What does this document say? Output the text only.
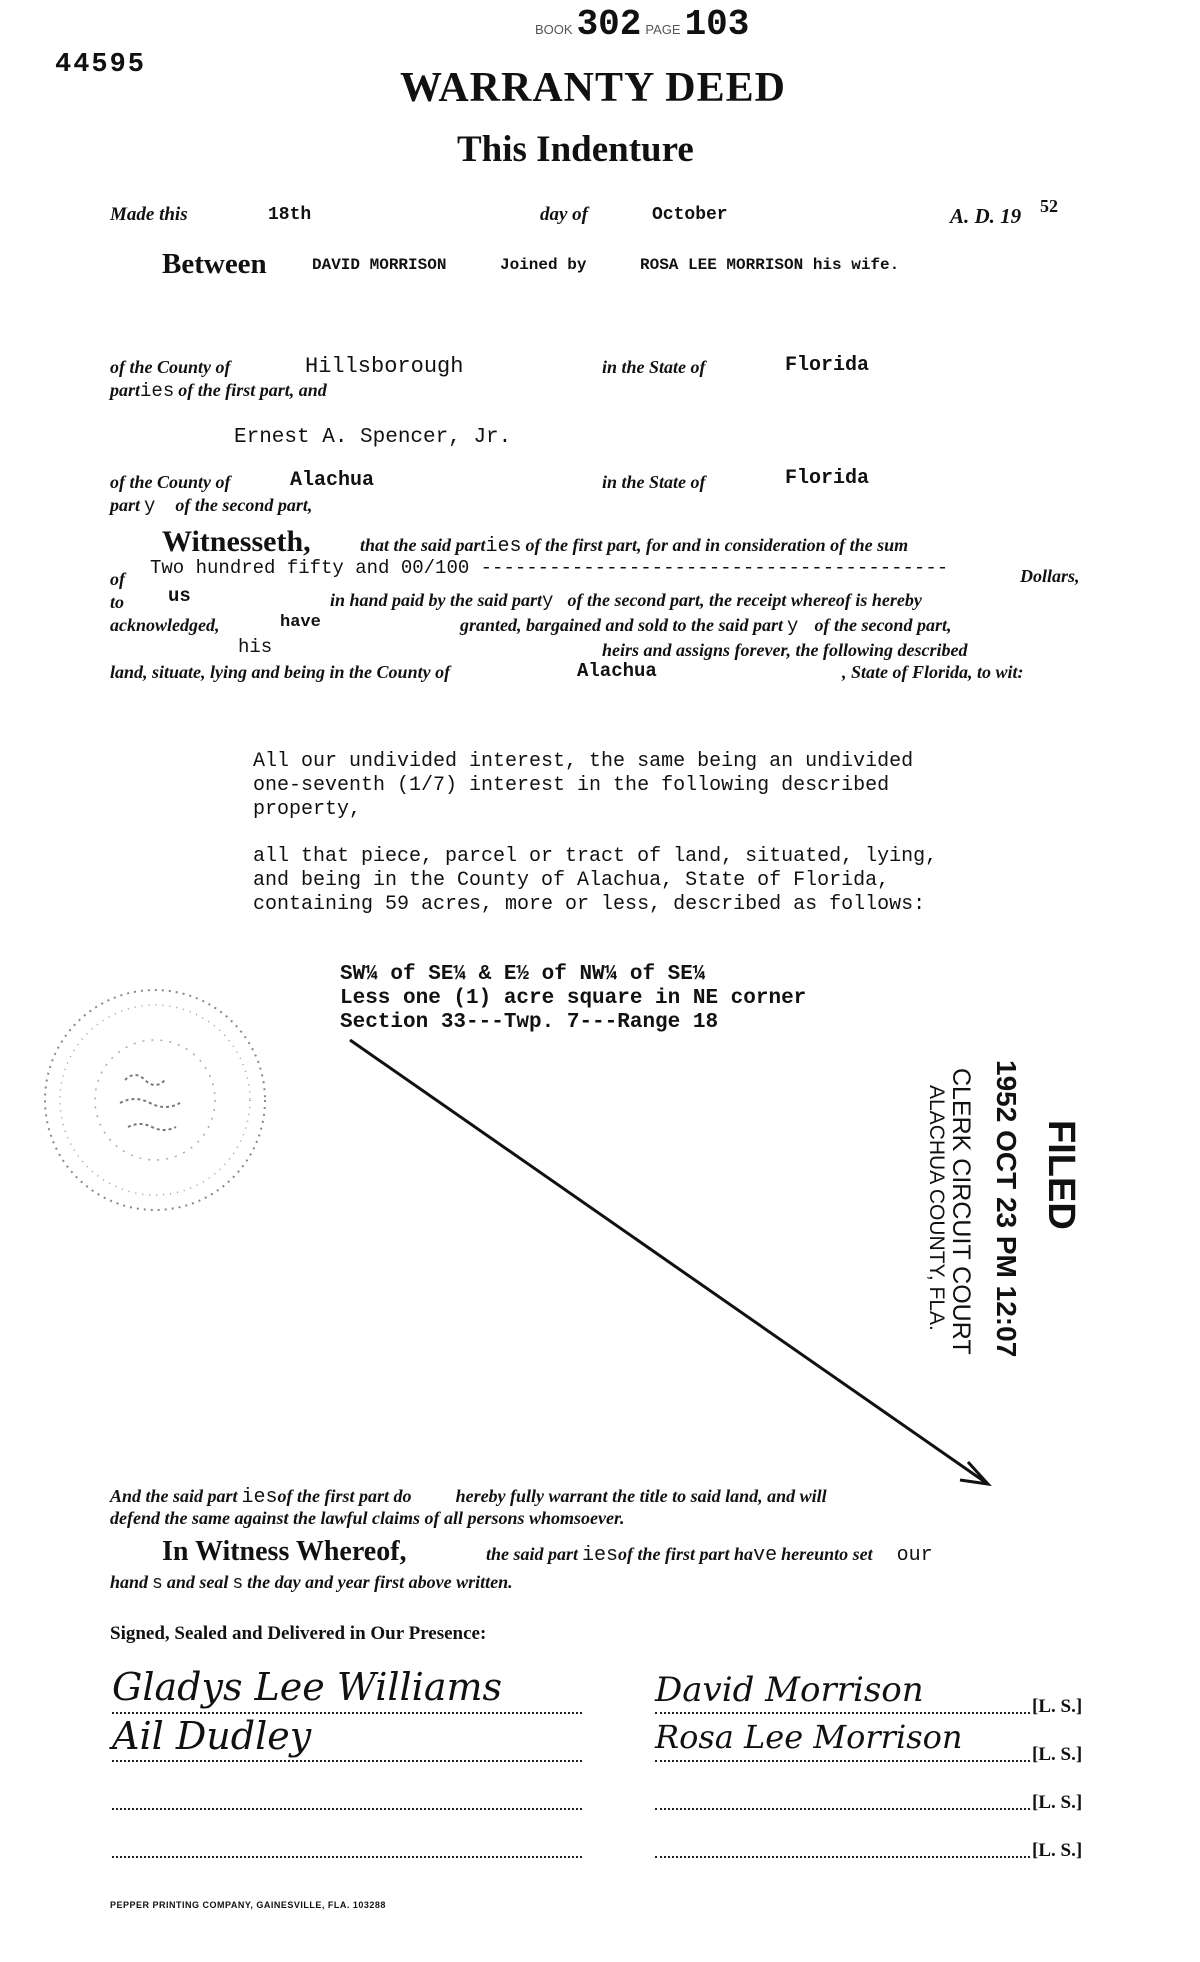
44595
BOOK 302 PAGE 103
WARRANTY DEED
This Indenture
Made this	18th	day of	October	A. D. 19 52
Between	DAVID MORRISON	Joined by	ROSA LEE MORRISON his wife.
of the County of	Hillsborough	in the State of	Florida
parties of the first part, and
Ernest A. Spencer, Jr.
of the County of	Alachua	in the State of	Florida
part y of the second part,
Witnesseth,	that the said parties of the first part, for and in consideration of the sum
of Two hundred fifty and 00/100 -----------------------------------------	Dollars,
to us	in hand paid by the said party of the second part, the receipt whereof is hereby
acknowledged,	have	granted, bargained and sold to the said part y of the second part,
his	heirs and assigns forever, the following described
land, situate, lying and being in the County of	Alachua	, State of Florida, to wit:
All our undivided interest, the same being an undivided
one-seventh (1/7) interest in the following described
property,
all that piece, parcel or tract of land, situated, lying,
and being in the County of Alachua, State of Florida,
containing 59 acres, more or less, described as follows:
SW¼ of SE¼ & E½ of NW¼ of SE¼
Less one (1) acre square in NE corner
Section 33---Twp. 7---Range 18
FILED
1952 OCT 23 PM 12:07
CLERK CIRCUIT COURT
ALACHUA COUNTY, FLA.
And the said part iesof the first part do hereby fully warrant the title to said land, and will
defend the same against the lawful claims of all persons whomsoever.
In Witness Whereof,	the said part iesof the first part have hereunto set our
hand s and seal s the day and year first above written.
Signed, Sealed and Delivered in Our Presence:
Gladys Lee Williams
Ail Dudley
David Morrison	[L. S.]
Rosa Lee Morrison	[L. S.]
[L. S.]
[L. S.]
PEPPER PRINTING COMPANY, GAINESVILLE, FLA. 103288
